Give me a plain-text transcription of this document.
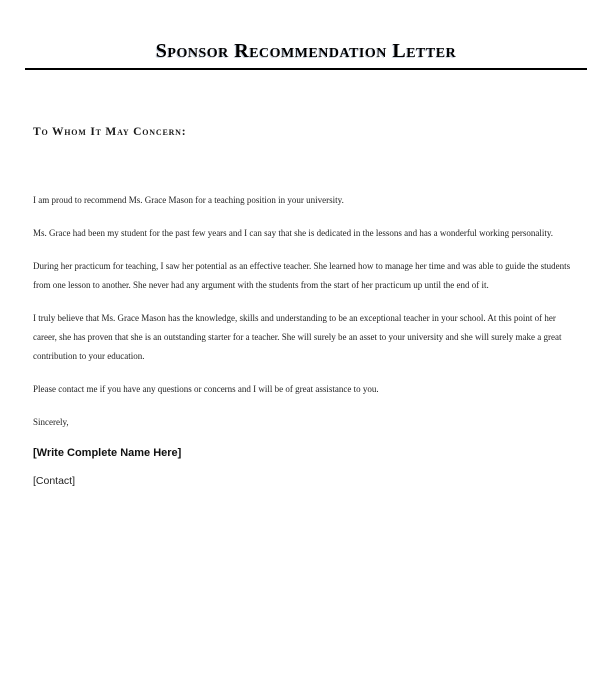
Sponsor Recommendation Letter

To Whom It May Concern:

I am proud to recommend Ms. Grace Mason for a teaching position in your university.

Ms. Grace had been my student for the past few years and I can say that she is dedicated in the lessons and has a wonderful working personality.

During her practicum for teaching, I saw her potential as an effective teacher. She learned how to manage her time and was able to guide the students from one lesson to another. She never had any argument with the students from the start of her practicum up until the end of it.

I truly believe that Ms. Grace Mason has the knowledge, skills and understanding to be an exceptional teacher in your school. At this point of her career, she has proven that she is an outstanding starter for a teacher. She will surely be an asset to your university and she will surely make a great contribution to your education.

Please contact me if you have any questions or concerns and I will be of great assistance to you.

Sincerely,

[Write Complete Name Here]

[Contact]
